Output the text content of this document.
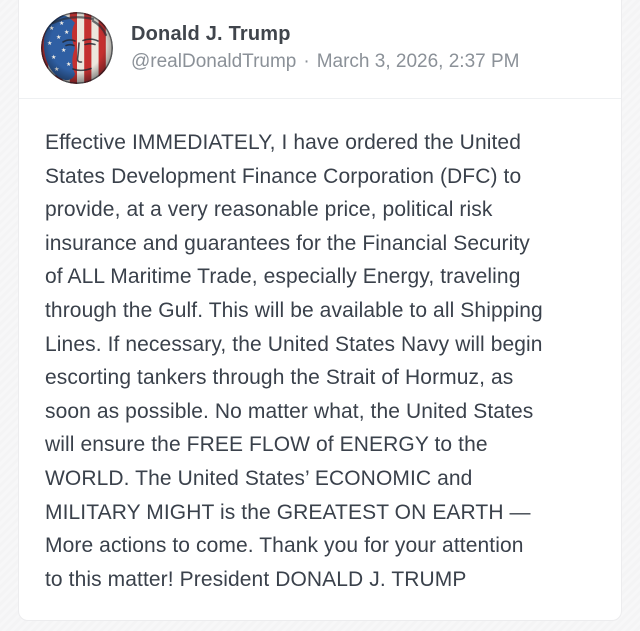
Donald J. Trump
@realDonaldTrump · March 3, 2026, 2:37 PM
Effective IMMEDIATELY, I have ordered the United
States Development Finance Corporation (DFC) to
provide, at a very reasonable price, political risk
insurance and guarantees for the Financial Security
of ALL Maritime Trade, especially Energy, traveling
through the Gulf. This will be available to all Shipping
Lines. If necessary, the United States Navy will begin
escorting tankers through the Strait of Hormuz, as
soon as possible. No matter what, the United States
will ensure the FREE FLOW of ENERGY to the
WORLD. The United States’ ECONOMIC and
MILITARY MIGHT is the GREATEST ON EARTH —
More actions to come. Thank you for your attention
to this matter! President DONALD J. TRUMP
